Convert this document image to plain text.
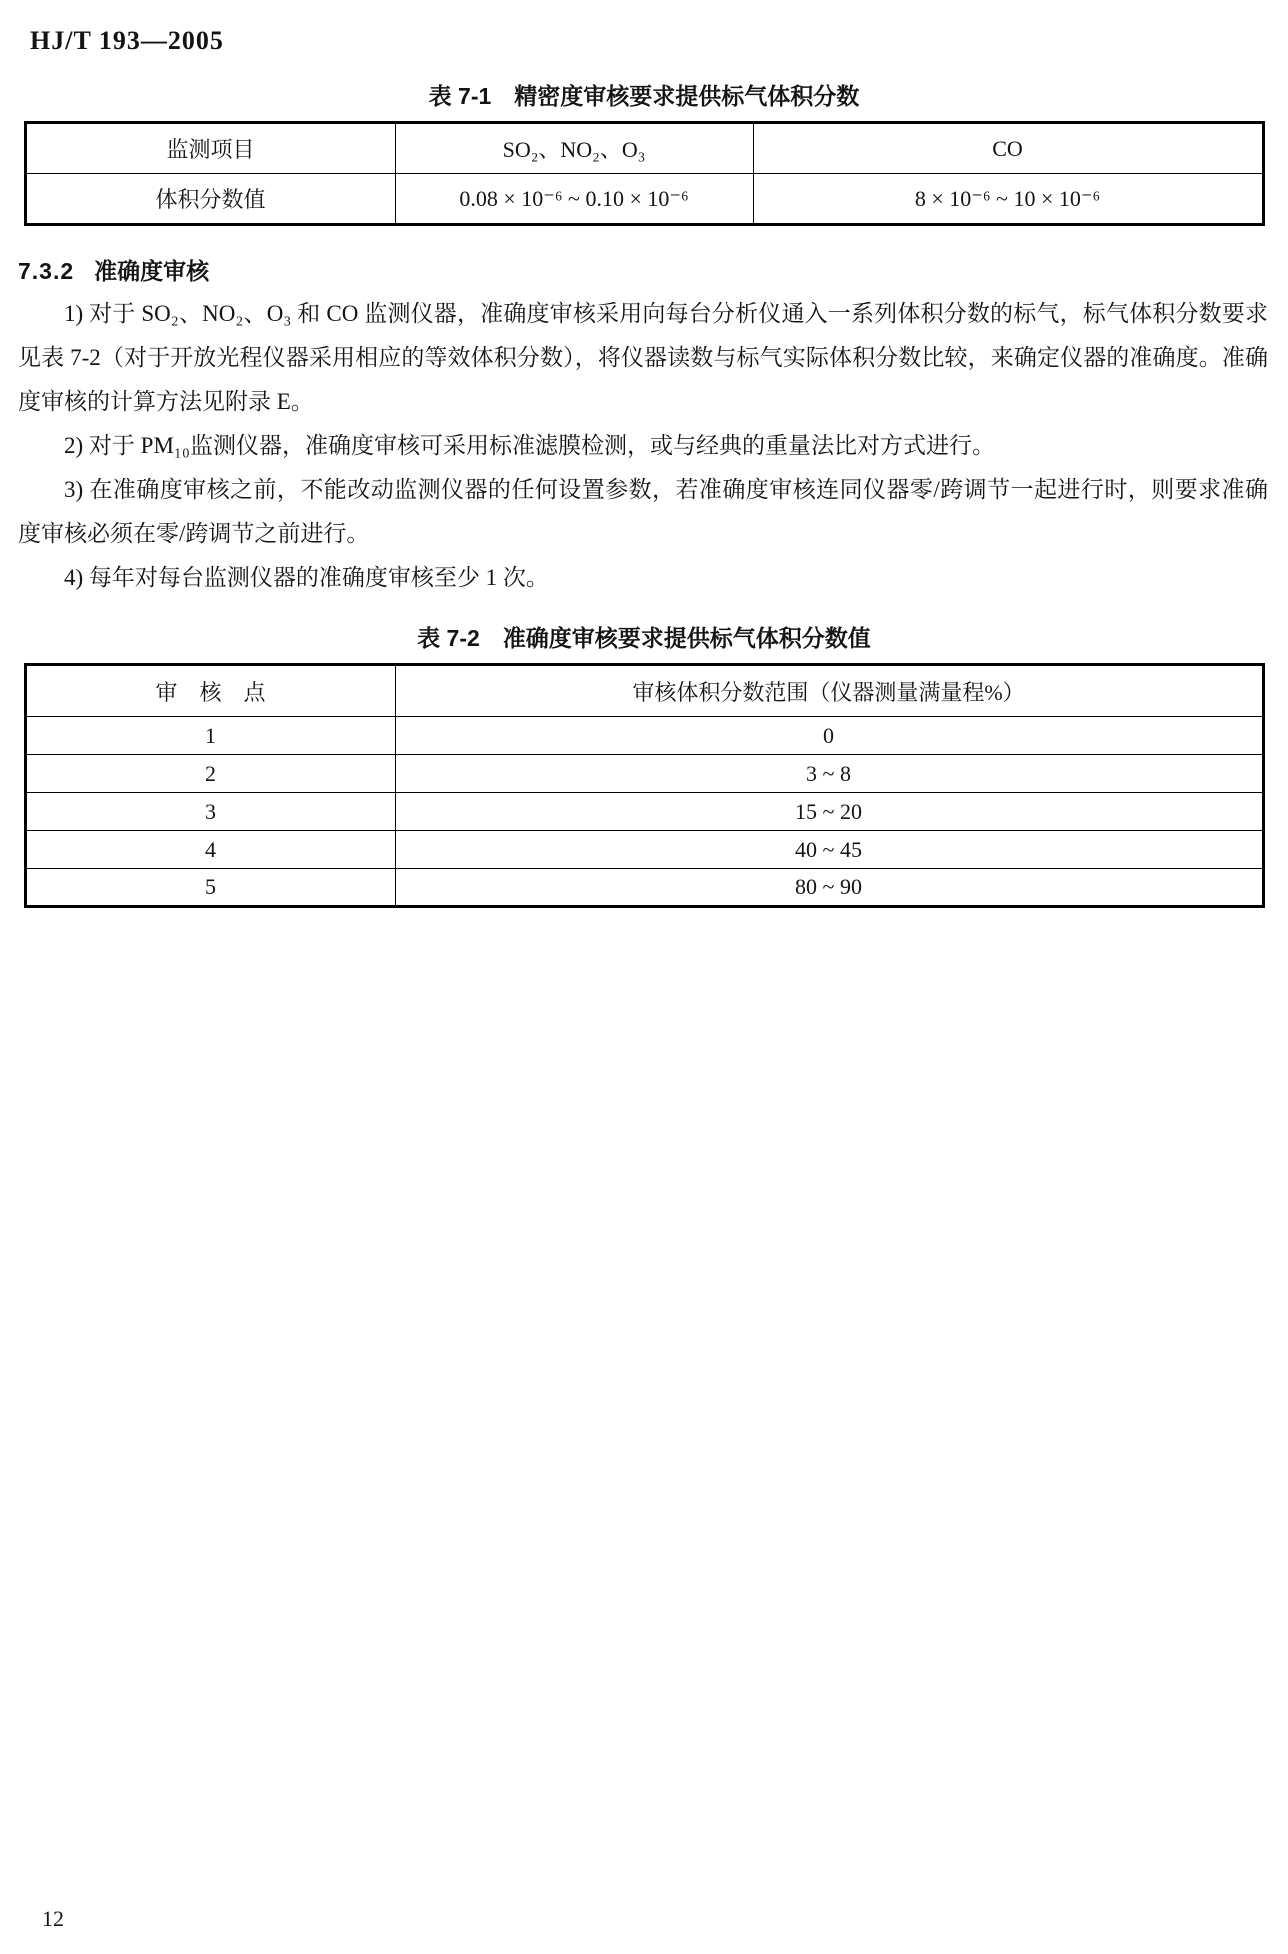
HJ/T 193—2005
表 7-1　精密度审核要求提供标气体积分数
监测项目	SO₂、NO₂、O₃	CO
体积分数值	0.08 × 10⁻⁶ ~ 0.10 × 10⁻⁶	8 × 10⁻⁶ ~ 10 × 10⁻⁶
7.3.2 准确度审核

1) 对于 SO₂、NO₂、O₃ 和 CO 监测仪器，准确度审核采用向每台分析仪通入一系列体积分数的标气，标气体积分数要求见表 7-2（对于开放光程仪器采用相应的等效体积分数），将仪器读数与标气实际体积分数比较，来确定仪器的准确度。准确度审核的计算方法见附录 E。

2) 对于 PM₁₀监测仪器，准确度审核可采用标准滤膜检测，或与经典的重量法比对方式进行。

3) 在准确度审核之前，不能改动监测仪器的任何设置参数，若准确度审核连同仪器零/跨调节一起进行时，则要求准确度审核必须在零/跨调节之前进行。

4) 每年对每台监测仪器的准确度审核至少 1 次。

表 7-2　准确度审核要求提供标气体积分数值
审　核　点	审核体积分数范围（仪器测量满量程%）
1	0
2	3 ~ 8
3	15 ~ 20
4	40 ~ 45
5	80 ~ 90
12
